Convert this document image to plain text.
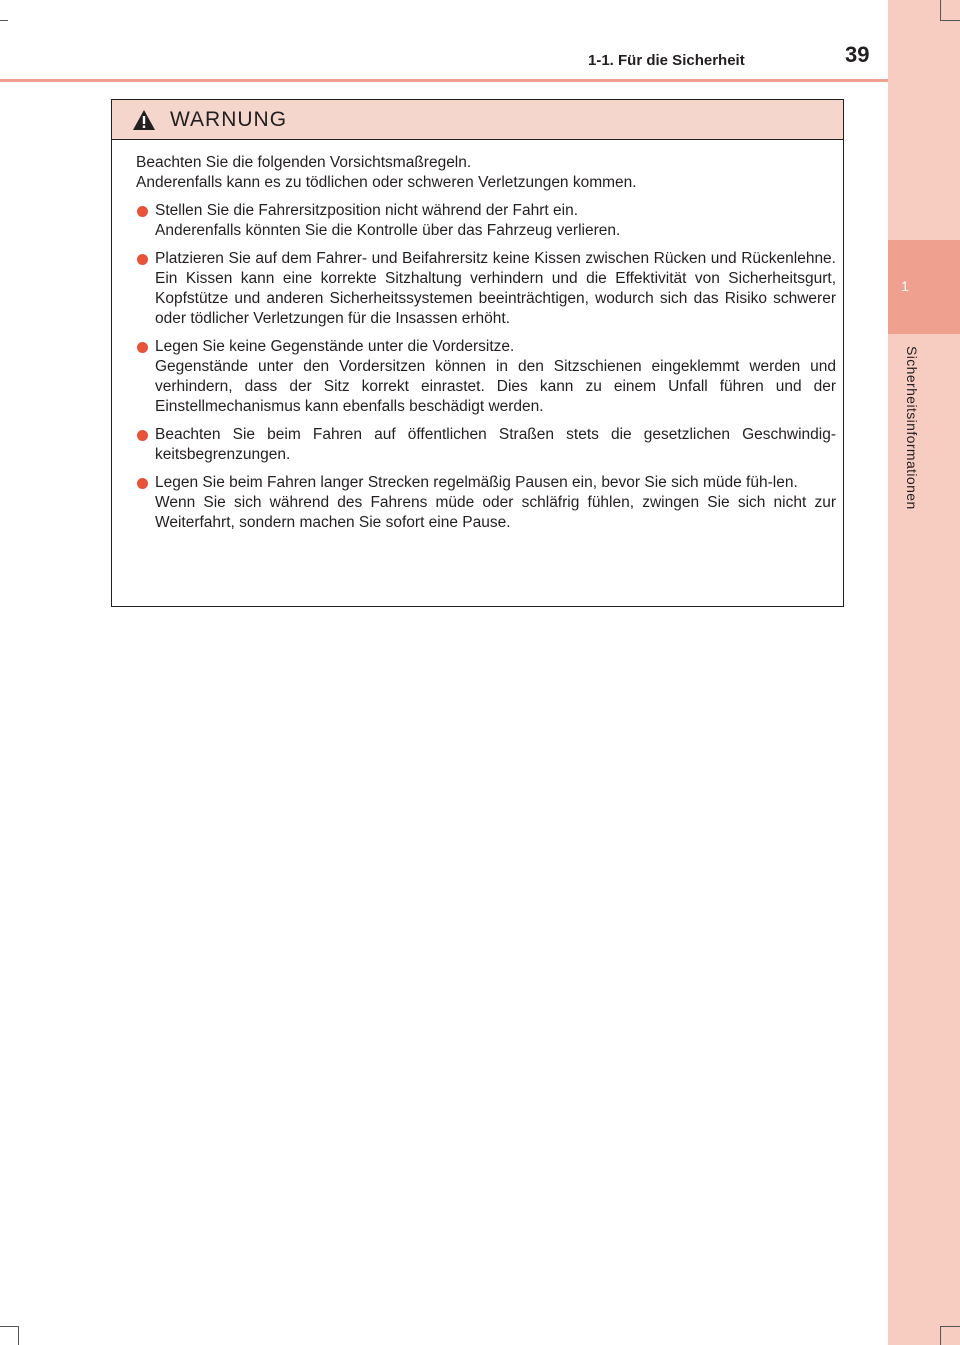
1
Sicherheitsinformationen
1-1. Für die Sicherheit	39
WARNUNG
Beachten Sie die folgenden Vorsichtsmaßregeln.
Anderenfalls kann es zu tödlichen oder schweren Verletzungen kommen.
Stellen Sie die Fahrersitzposition nicht während der Fahrt ein.
Anderenfalls könnten Sie die Kontrolle über das Fahrzeug verlieren.
Platzieren Sie auf dem Fahrer- und Beifahrersitz keine Kissen zwischen Rücken und Rückenlehne. Ein Kissen kann eine korrekte Sitzhaltung verhindern und die Effektivität von Sicherheitsgurt, Kopfstütze und anderen Sicherheitssystemen beeinträchtigen, wodurch sich das Risiko schwerer oder tödlicher Verletzungen für die Insassen erhöht.
Legen Sie keine Gegenstände unter die Vordersitze.
Gegenstände unter den Vordersitzen können in den Sitzschienen eingeklemmt werden und verhindern, dass der Sitz korrekt einrastet. Dies kann zu einem Unfall führen und der Einstellmechanismus kann ebenfalls beschädigt werden.
Beachten Sie beim Fahren auf öffentlichen Straßen stets die gesetzlichen Geschwindig-keitsbegrenzungen.
Legen Sie beim Fahren langer Strecken regelmäßig Pausen ein, bevor Sie sich müde füh-len.
Wenn Sie sich während des Fahrens müde oder schläfrig fühlen, zwingen Sie sich nicht zur Weiterfahrt, sondern machen Sie sofort eine Pause.
